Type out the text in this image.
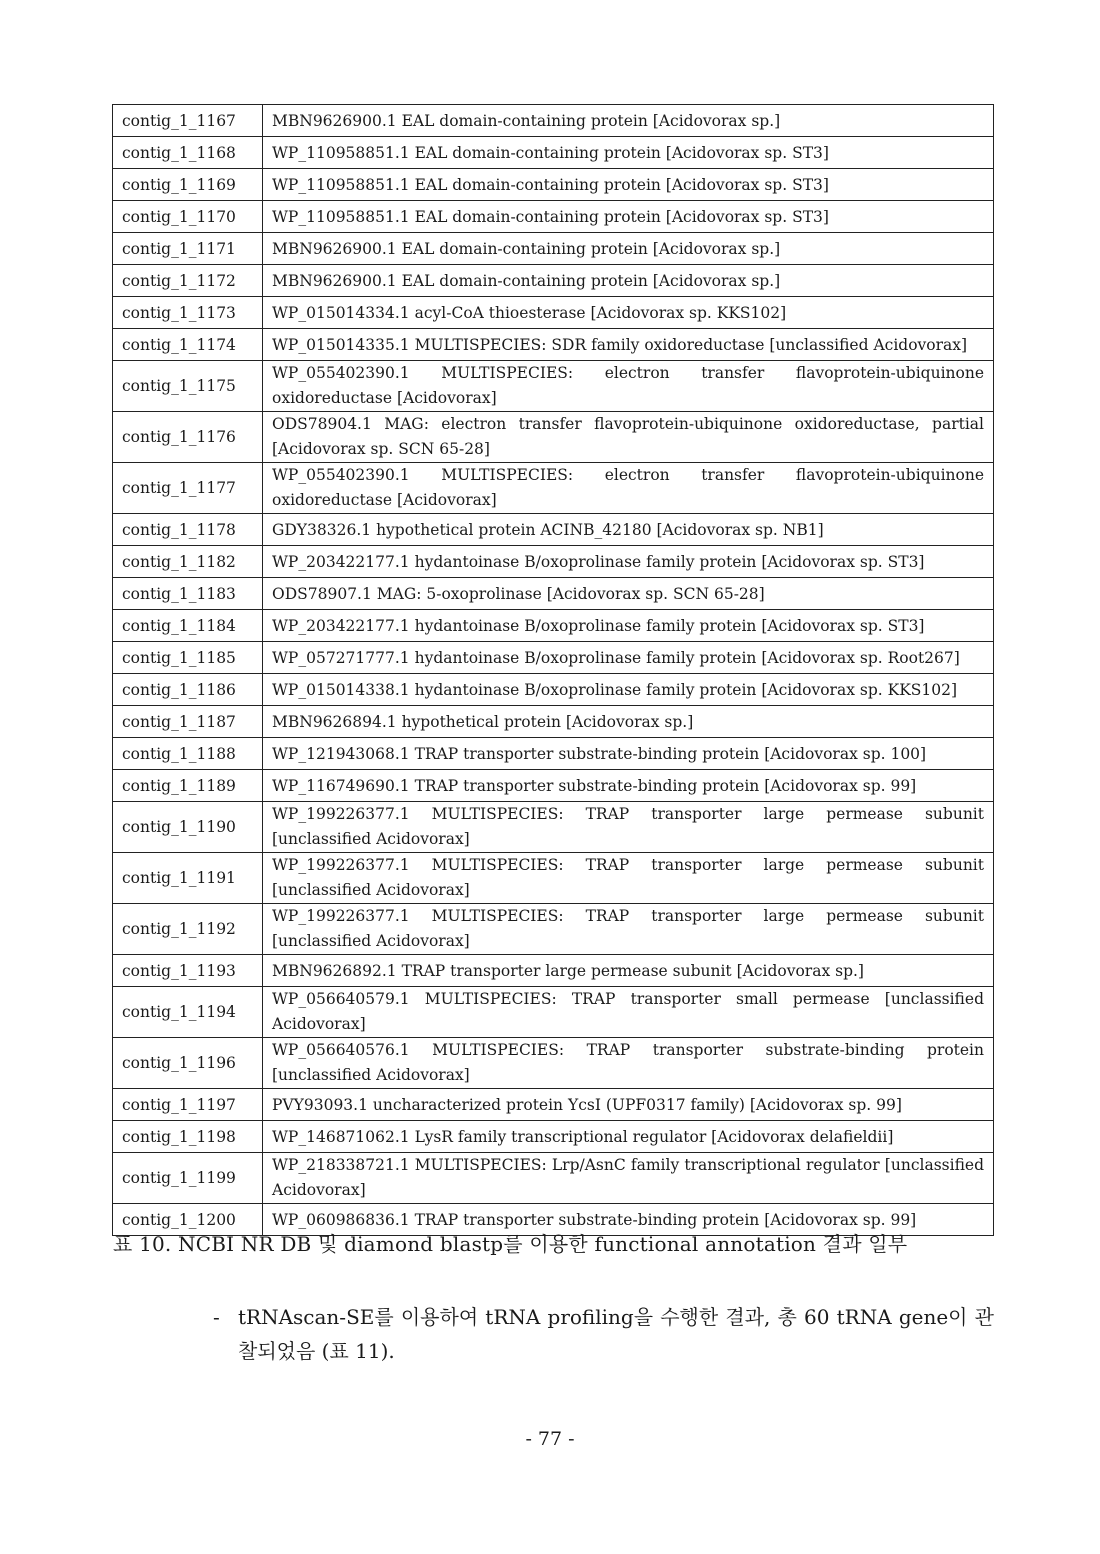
contig_1_1167	MBN9626900.1 EAL domain-containing protein [Acidovorax sp.]
contig_1_1168	WP_110958851.1 EAL domain-containing protein [Acidovorax sp. ST3]
contig_1_1169	WP_110958851.1 EAL domain-containing protein [Acidovorax sp. ST3]
contig_1_1170	WP_110958851.1 EAL domain-containing protein [Acidovorax sp. ST3]
contig_1_1171	MBN9626900.1 EAL domain-containing protein [Acidovorax sp.]
contig_1_1172	MBN9626900.1 EAL domain-containing protein [Acidovorax sp.]
contig_1_1173	WP_015014334.1 acyl-CoA thioesterase [Acidovorax sp. KKS102]
contig_1_1174	WP_015014335.1 MULTISPECIES: SDR family oxidoreductase [unclassified Acidovorax]
contig_1_1175	WP_055402390.1 MULTISPECIES: electron transfer flavoprotein-ubiquinone oxidoreductase [Acidovorax]
contig_1_1176	ODS78904.1 MAG: electron transfer flavoprotein-ubiquinone oxidoreductase, partial [Acidovorax sp. SCN 65-28]
contig_1_1177	WP_055402390.1 MULTISPECIES: electron transfer flavoprotein-ubiquinone oxidoreductase [Acidovorax]
contig_1_1178	GDY38326.1 hypothetical protein ACINB_42180 [Acidovorax sp. NB1]
contig_1_1182	WP_203422177.1 hydantoinase B/oxoprolinase family protein [Acidovorax sp. ST3]
contig_1_1183	ODS78907.1 MAG: 5-oxoprolinase [Acidovorax sp. SCN 65-28]
contig_1_1184	WP_203422177.1 hydantoinase B/oxoprolinase family protein [Acidovorax sp. ST3]
contig_1_1185	WP_057271777.1 hydantoinase B/oxoprolinase family protein [Acidovorax sp. Root267]
contig_1_1186	WP_015014338.1 hydantoinase B/oxoprolinase family protein [Acidovorax sp. KKS102]
contig_1_1187	MBN9626894.1 hypothetical protein [Acidovorax sp.]
contig_1_1188	WP_121943068.1 TRAP transporter substrate-binding protein [Acidovorax sp. 100]
contig_1_1189	WP_116749690.1 TRAP transporter substrate-binding protein [Acidovorax sp. 99]
contig_1_1190	WP_199226377.1 MULTISPECIES: TRAP transporter large permease subunit [unclassified Acidovorax]
contig_1_1191	WP_199226377.1 MULTISPECIES: TRAP transporter large permease subunit [unclassified Acidovorax]
contig_1_1192	WP_199226377.1 MULTISPECIES: TRAP transporter large permease subunit [unclassified Acidovorax]
contig_1_1193	MBN9626892.1 TRAP transporter large permease subunit [Acidovorax sp.]
contig_1_1194	WP_056640579.1 MULTISPECIES: TRAP transporter small permease [unclassified Acidovorax]
contig_1_1196	WP_056640576.1 MULTISPECIES: TRAP transporter substrate-binding protein [unclassified Acidovorax]
contig_1_1197	PVY93093.1 uncharacterized protein YcsI (UPF0317 family) [Acidovorax sp. 99]
contig_1_1198	WP_146871062.1 LysR family transcriptional regulator [Acidovorax delafieldii]
contig_1_1199	WP_218338721.1 MULTISPECIES: Lrp/AsnC family transcriptional regulator [unclassified Acidovorax]
contig_1_1200	WP_060986836.1 TRAP transporter substrate-binding protein [Acidovorax sp. 99]
표 10. NCBI NR DB 및 diamond blastp를 이용한 functional annotation 결과 일부
- tRNAscan-SE를 이용하여 tRNA profiling을 수행한 결과, 총 60 tRNA gene이 관찰되었음 (표 11).
- 77 -
